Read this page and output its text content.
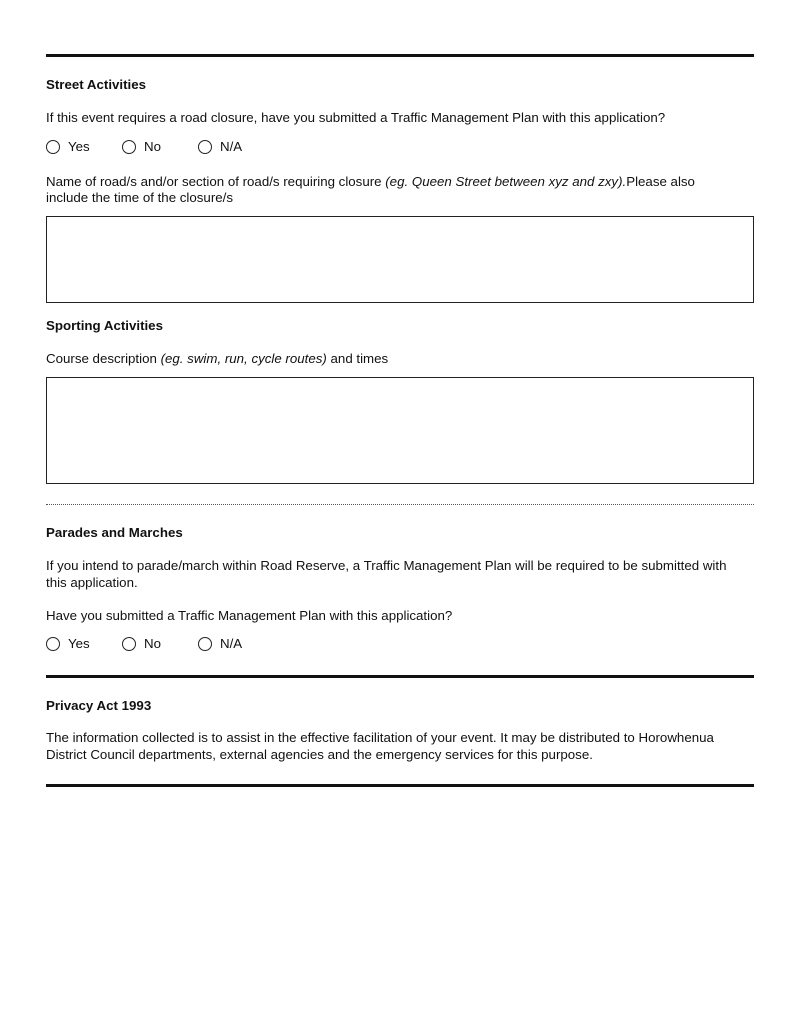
Street Activities
If this event requires a road closure, have you submitted a Traffic Management Plan with this application?
Yes	No	N/A
Name of road/s and/or section of road/s requiring closure (eg. Queen Street between xyz and zxy).Please also
include the time of the closure/s
Sporting Activities
Course description (eg. swim, run, cycle routes) and times
Parades and Marches
If you intend to parade/march within Road Reserve, a Traffic Management Plan will be required to be submitted with
this application.
Have you submitted a Traffic Management Plan with this application?
Yes	No	N/A
Privacy Act 1993
The information collected is to assist in the effective facilitation of your event. It may be distributed to Horowhenua
District Council departments, external agencies and the emergency services for this purpose.
